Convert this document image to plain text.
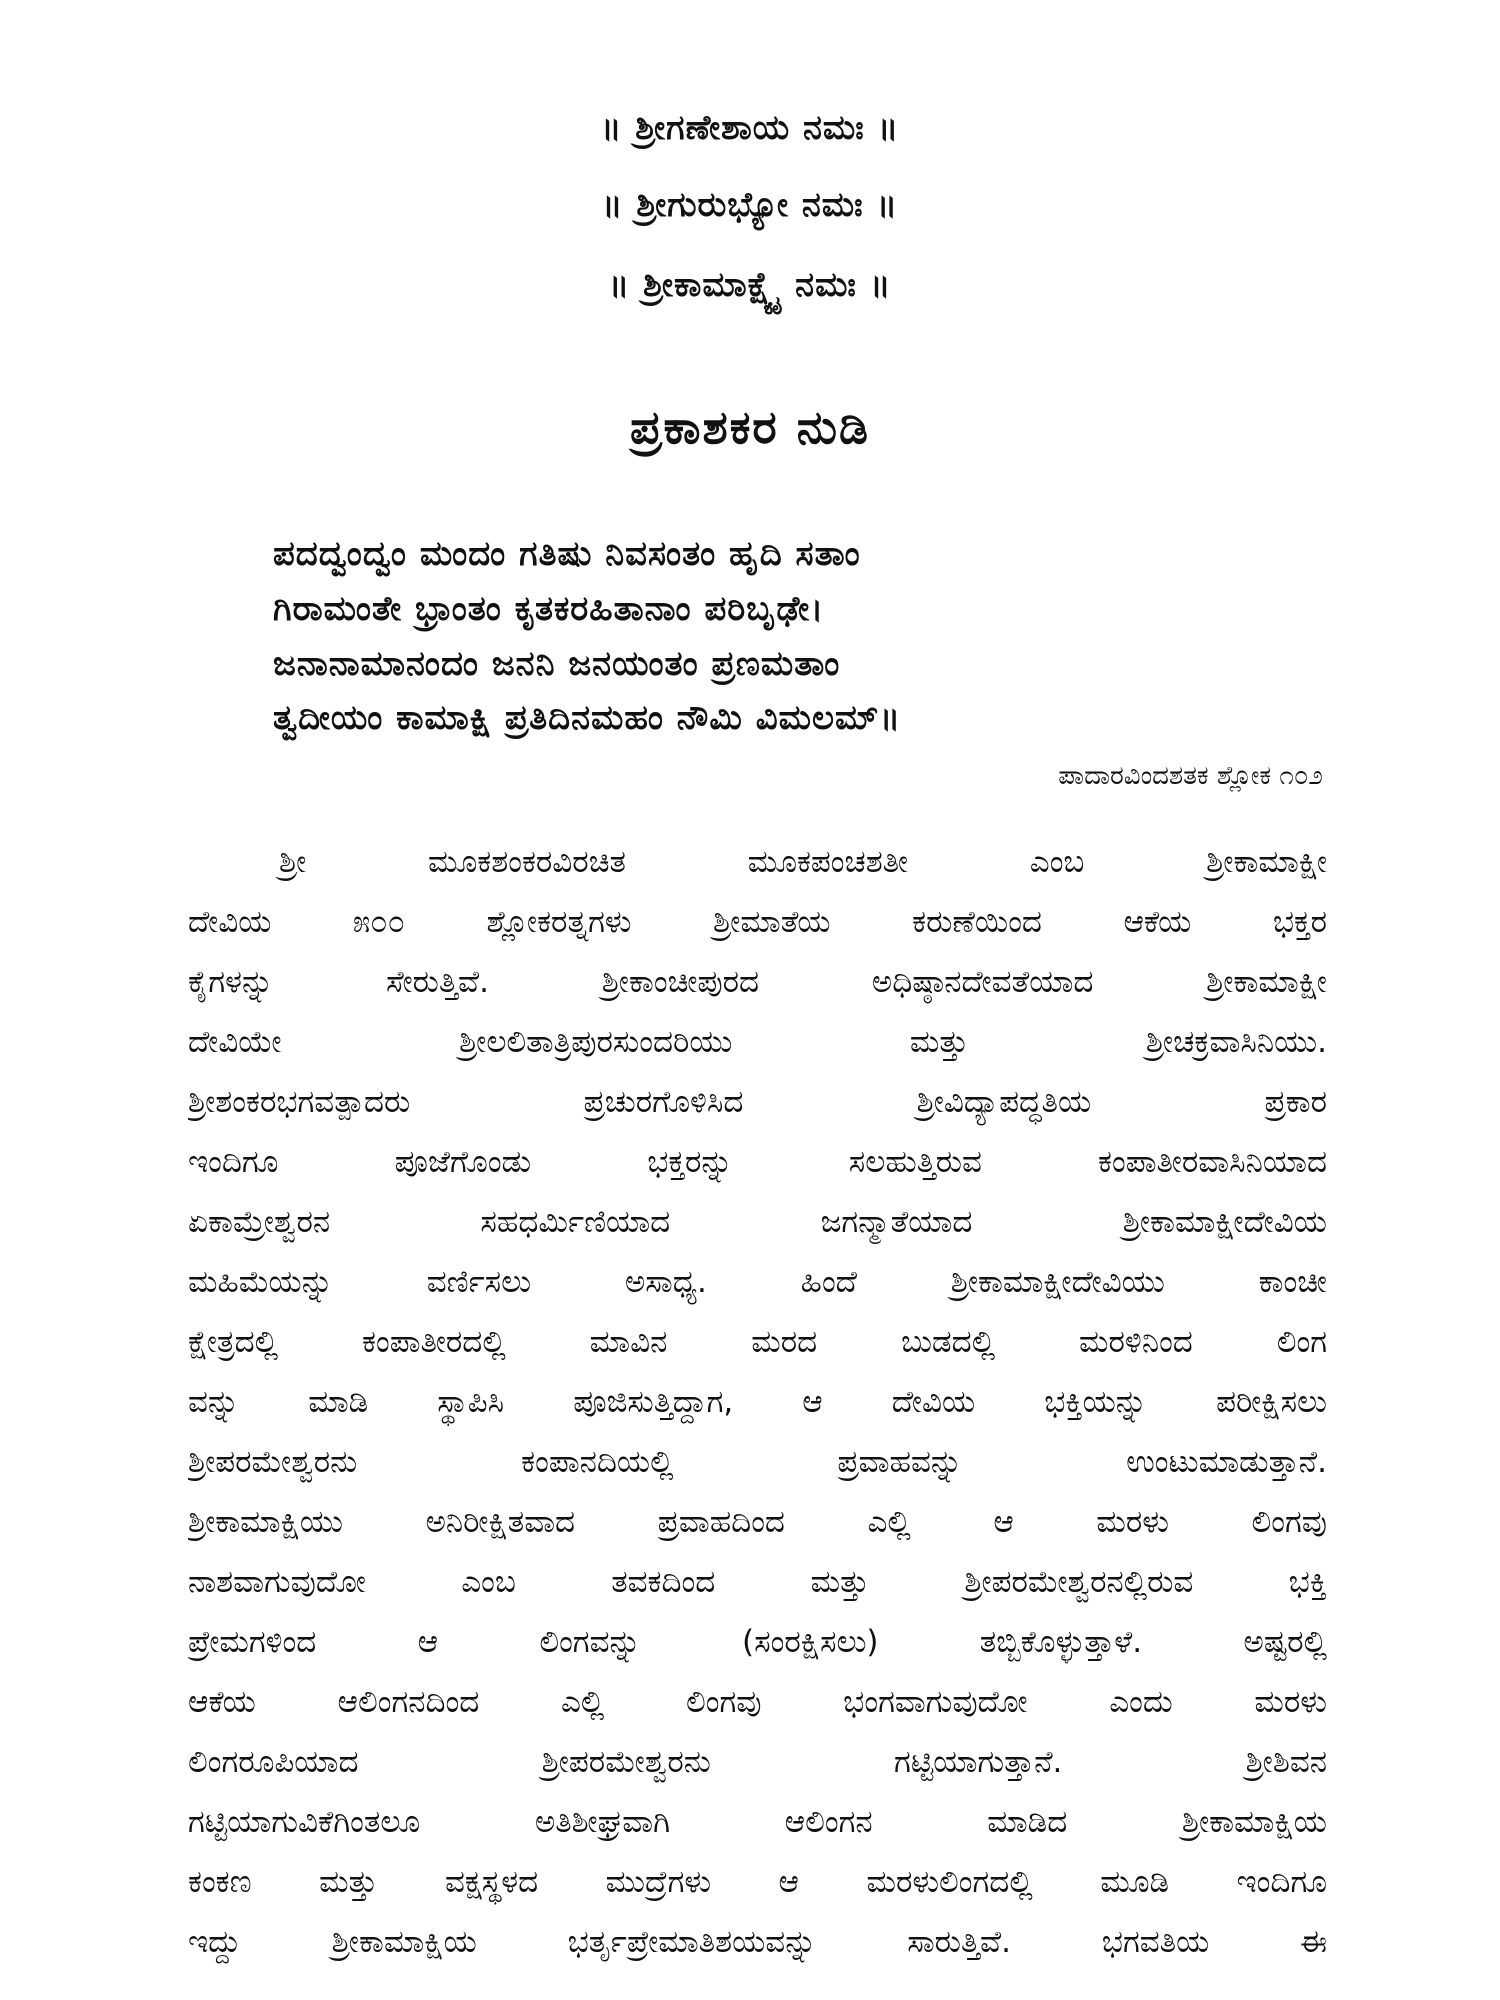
॥ ಶ್ರೀಗಣೇಶಾಯ ನಮಃ ॥
॥ ಶ್ರೀಗುರುಭ್ಯೋ ನಮಃ ॥
॥ ಶ್ರೀಕಾಮಾಕ್ಷ್ಯೈ ನಮಃ ॥
ಪ್ರಕಾಶಕರ ನುಡಿ
ಪದದ್ವಂದ್ವಂ ಮಂದಂ ಗತಿಷು ನಿವಸಂತಂ ಹೃದಿ ಸತಾಂ
ಗಿರಾಮಂತೇ ಭ್ರಾಂತಂ ಕೃತಕರಹಿತಾನಾಂ ಪರಿಬೃಢೇ।
ಜನಾನಾಮಾನಂದಂ ಜನನಿ ಜನಯಂತಂ ಪ್ರಣಮತಾಂ
ತ್ವದೀಯಂ ಕಾಮಾಕ್ಷಿ ಪ್ರತಿದಿನಮಹಂ ನೌಮಿ ವಿಮಲಮ್॥
ಪಾದಾರವಿಂದಶತಕ ಶ್ಲೋಕ ೧೦೨
ಶ್ರೀ ಮೂಕಶಂಕರವಿರಚಿತ ಮೂಕಪಂಚಶತೀ ಎಂಬ ಶ್ರೀಕಾಮಾಕ್ಷೀ
ದೇವಿಯ ೫೦೦ ಶ್ಲೋಕರತ್ನಗಳು ಶ್ರೀಮಾತೆಯ ಕರುಣೆಯಿಂದ ಆಕೆಯ ಭಕ್ತರ
ಕೈಗಳನ್ನು ಸೇರುತ್ತಿವೆ. ಶ್ರೀಕಾಂಚೀಪುರದ ಅಧಿಷ್ಠಾನದೇವತೆಯಾದ ಶ್ರೀಕಾಮಾಕ್ಷೀ
ದೇವಿಯೇ ಶ್ರೀಲಲಿತಾತ್ರಿಪುರಸುಂದರಿಯು ಮತ್ತು ಶ್ರೀಚಕ್ರವಾಸಿನಿಯು.
ಶ್ರೀಶಂಕರಭಗವತ್ಪಾದರು ಪ್ರಚುರಗೊಳಿಸಿದ ಶ್ರೀವಿದ್ಯಾಪದ್ಧತಿಯ ಪ್ರಕಾರ
ಇಂದಿಗೂ ಪೂಜೆಗೊಂಡು ಭಕ್ತರನ್ನು ಸಲಹುತ್ತಿರುವ ಕಂಪಾತೀರವಾಸಿನಿಯಾದ
ಏಕಾಮ್ರೇಶ್ವರನ ಸಹಧರ್ಮಿಣಿಯಾದ ಜಗನ್ಮಾತೆಯಾದ ಶ್ರೀಕಾಮಾಕ್ಷೀದೇವಿಯ
ಮಹಿಮೆಯನ್ನು ವರ್ಣಿಸಲು ಅಸಾಧ್ಯ. ಹಿಂದೆ ಶ್ರೀಕಾಮಾಕ್ಷೀದೇವಿಯು ಕಾಂಚೀ
ಕ್ಷೇತ್ರದಲ್ಲಿ ಕಂಪಾತೀರದಲ್ಲಿ ಮಾವಿನ ಮರದ ಬುಡದಲ್ಲಿ ಮರಳಿನಿಂದ ಲಿಂಗ
ವನ್ನು ಮಾಡಿ ಸ್ಥಾಪಿಸಿ ಪೂಜಿಸುತ್ತಿದ್ದಾಗ, ಆ ದೇವಿಯ ಭಕ್ತಿಯನ್ನು ಪರೀಕ್ಷಿಸಲು
ಶ್ರೀಪರಮೇಶ್ವರನು ಕಂಪಾನದಿಯಲ್ಲಿ ಪ್ರವಾಹವನ್ನು ಉಂಟುಮಾಡುತ್ತಾನೆ.
ಶ್ರೀಕಾಮಾಕ್ಷಿಯು ಅನಿರೀಕ್ಷಿತವಾದ ಪ್ರವಾಹದಿಂದ ಎಲ್ಲಿ ಆ ಮರಳು ಲಿಂಗವು
ನಾಶವಾಗುವುದೋ ಎಂಬ ತವಕದಿಂದ ಮತ್ತು ಶ್ರೀಪರಮೇಶ್ವರನಲ್ಲಿರುವ ಭಕ್ತಿ
ಪ್ರೇಮಗಳಿಂದ ಆ ಲಿಂಗವನ್ನು (ಸಂರಕ್ಷಿಸಲು) ತಬ್ಬಿಕೊಳ್ಳುತ್ತಾಳೆ. ಅಷ್ಟರಲ್ಲಿ
ಆಕೆಯ ಆಲಿಂಗನದಿಂದ ಎಲ್ಲಿ ಲಿಂಗವು ಭಂಗವಾಗುವುದೋ ಎಂದು ಮರಳು
ಲಿಂಗರೂಪಿಯಾದ ಶ್ರೀಪರಮೇಶ್ವರನು ಗಟ್ಟಿಯಾಗುತ್ತಾನೆ. ಶ್ರೀಶಿವನ
ಗಟ್ಟಿಯಾಗುವಿಕೆಗಿಂತಲೂ ಅತಿಶೀಘ್ರವಾಗಿ ಆಲಿಂಗನ ಮಾಡಿದ ಶ್ರೀಕಾಮಾಕ್ಷಿಯ
ಕಂಕಣ ಮತ್ತು ವಕ್ಷಸ್ಥಳದ ಮುದ್ರೆಗಳು ಆ ಮರಳುಲಿಂಗದಲ್ಲಿ ಮೂಡಿ ಇಂದಿಗೂ
ಇದ್ದು ಶ್ರೀಕಾಮಾಕ್ಷಿಯ ಭರ್ತೃಪ್ರೇಮಾತಿಶಯವನ್ನು ಸಾರುತ್ತಿವೆ. ಭಗವತಿಯ ಈ
